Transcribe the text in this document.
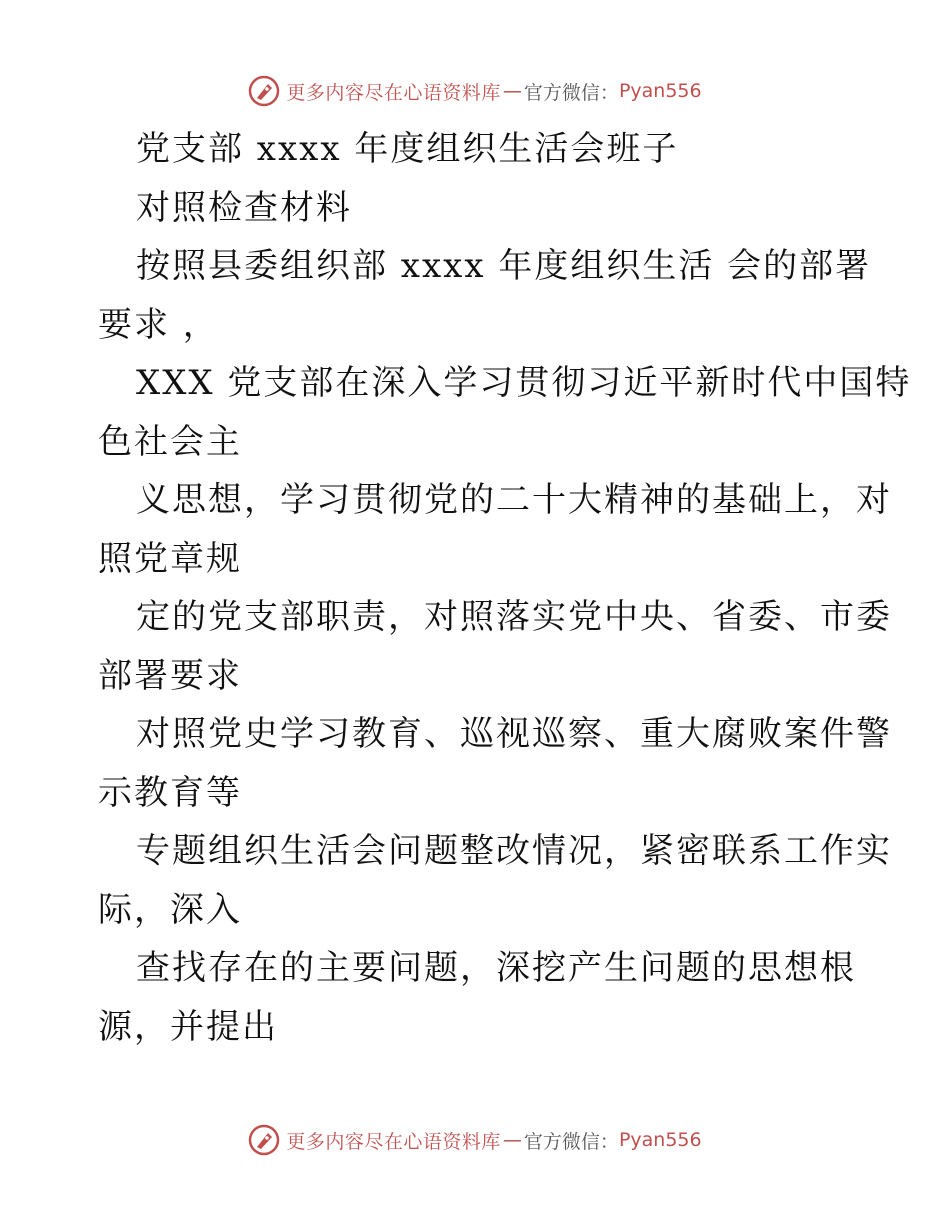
更多内容尽在心语资料库 — 官方微信： Pyan556
党支部 xxxx 年度组织生活会班子
对照检查材料
按照县委组织部 xxxx 年度组织生活 会的部署
要求 ，
XXX 党支部在深入学习贯彻习近平新时代中国特
色社会主
义思想，学习贯彻党的二十大精神的基础上，对
照党章规
定的党支部职责，对照落实党中央、省委、市委
部署要求
对照党史学习教育、巡视巡察、重大腐败案件警
示教育等
专题组织生活会问题整改情况，紧密联系工作实
际，深入
查找存在的主要问题，深挖产生问题的思想根
源，并提出
更多内容尽在心语资料库 — 官方微信： Pyan556
